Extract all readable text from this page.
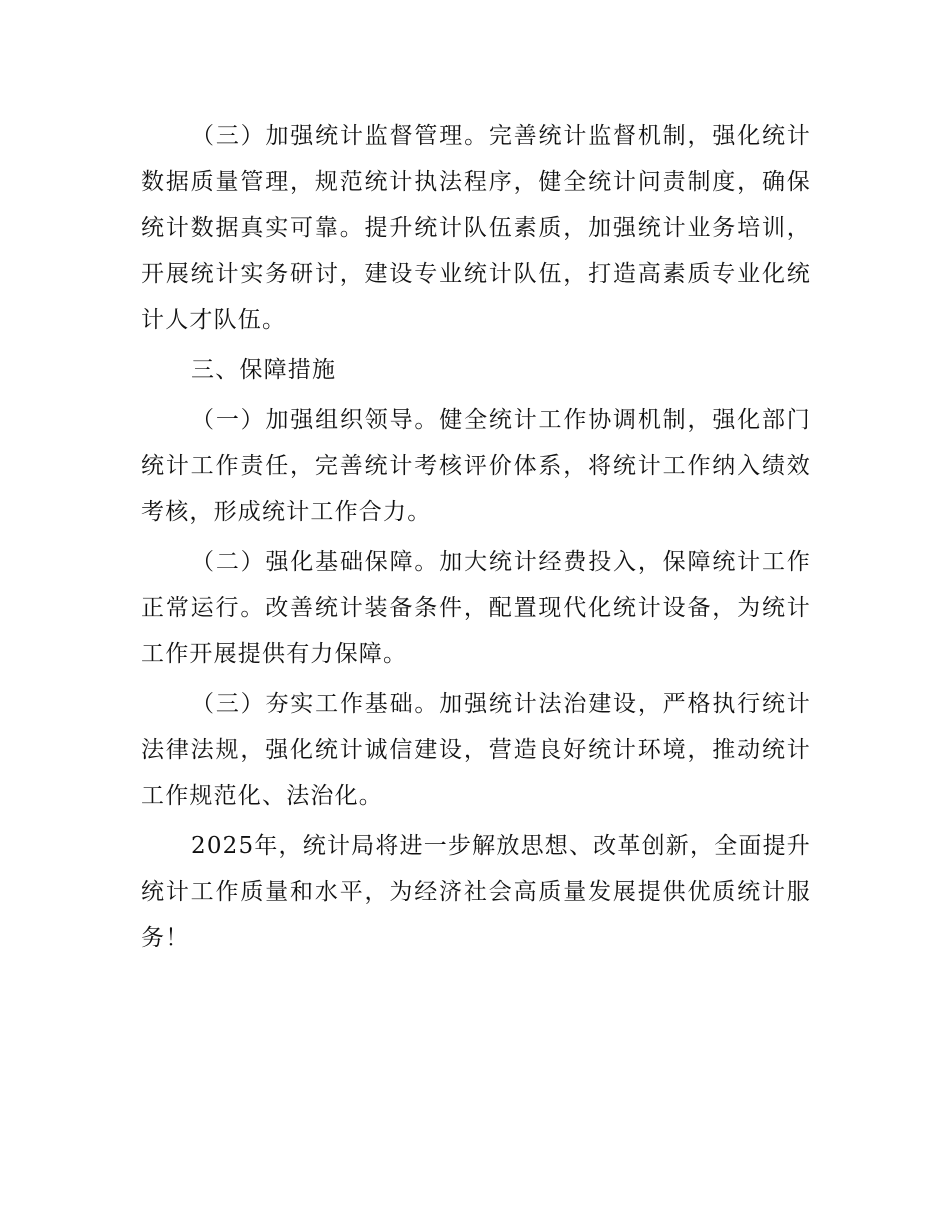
（三）加强统计监督管理。完善统计监督机制，强化统计数据质量管理，规范统计执法程序，健全统计问责制度，确保统计数据真实可靠。提升统计队伍素质，加强统计业务培训，开展统计实务研讨，建设专业统计队伍，打造高素质专业化统计人才队伍。

三、保障措施

（一）加强组织领导。健全统计工作协调机制，强化部门统计工作责任，完善统计考核评价体系，将统计工作纳入绩效考核，形成统计工作合力。

（二）强化基础保障。加大统计经费投入，保障统计工作正常运行。改善统计装备条件，配置现代化统计设备，为统计工作开展提供有力保障。

（三）夯实工作基础。加强统计法治建设，严格执行统计法律法规，强化统计诚信建设，营造良好统计环境，推动统计工作规范化、法治化。

2025年，统计局将进一步解放思想、改革创新，全面提升统计工作质量和水平，为经济社会高质量发展提供优质统计服务！
